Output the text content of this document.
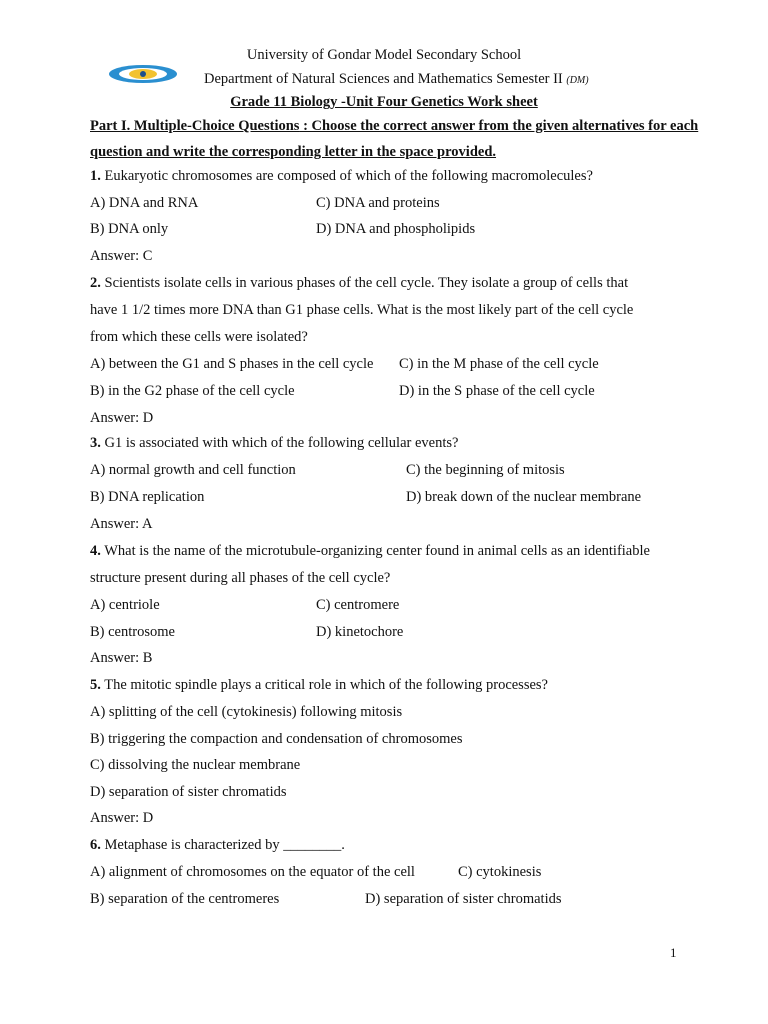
University of Gondar Model Secondary School
Department of Natural Sciences and Mathematics Semester II (DM)
Grade 11 Biology -Unit Four Genetics Work sheet
Part I. Multiple-Choice Questions : Choose the correct answer from the given alternatives for each
question and write the corresponding letter in the space provided.
1. Eukaryotic chromosomes are composed of which of the following macromolecules?
A) DNA and RNA	C) DNA and proteins
B) DNA only	D) DNA and phospholipids
Answer: C
2. Scientists isolate cells in various phases of the cell cycle. They isolate a group of cells that
have 1 1/2 times more DNA than G1 phase cells. What is the most likely part of the cell cycle
from which these cells were isolated?
A) between the G1 and S phases in the cell cycle C) in the M phase of the cell cycle
B) in the G2 phase of the cell cycle	D) in the S phase of the cell cycle
Answer: D
3. G1 is associated with which of the following cellular events?
A) normal growth and cell function	C) the beginning of mitosis
B) DNA replication	D) break down of the nuclear membrane
Answer: A
4. What is the name of the microtubule-organizing center found in animal cells as an identifiable
structure present during all phases of the cell cycle?
A) centriole	C) centromere
B) centrosome	D) kinetochore
Answer: B
5. The mitotic spindle plays a critical role in which of the following processes?
A) splitting of the cell (cytokinesis) following mitosis
B) triggering the compaction and condensation of chromosomes
C) dissolving the nuclear membrane
D) separation of sister chromatids
Answer: D
6. Metaphase is characterized by ________.
A) alignment of chromosomes on the equator of the cell	C) cytokinesis
B) separation of the centromeres	D) separation of sister chromatids
1
